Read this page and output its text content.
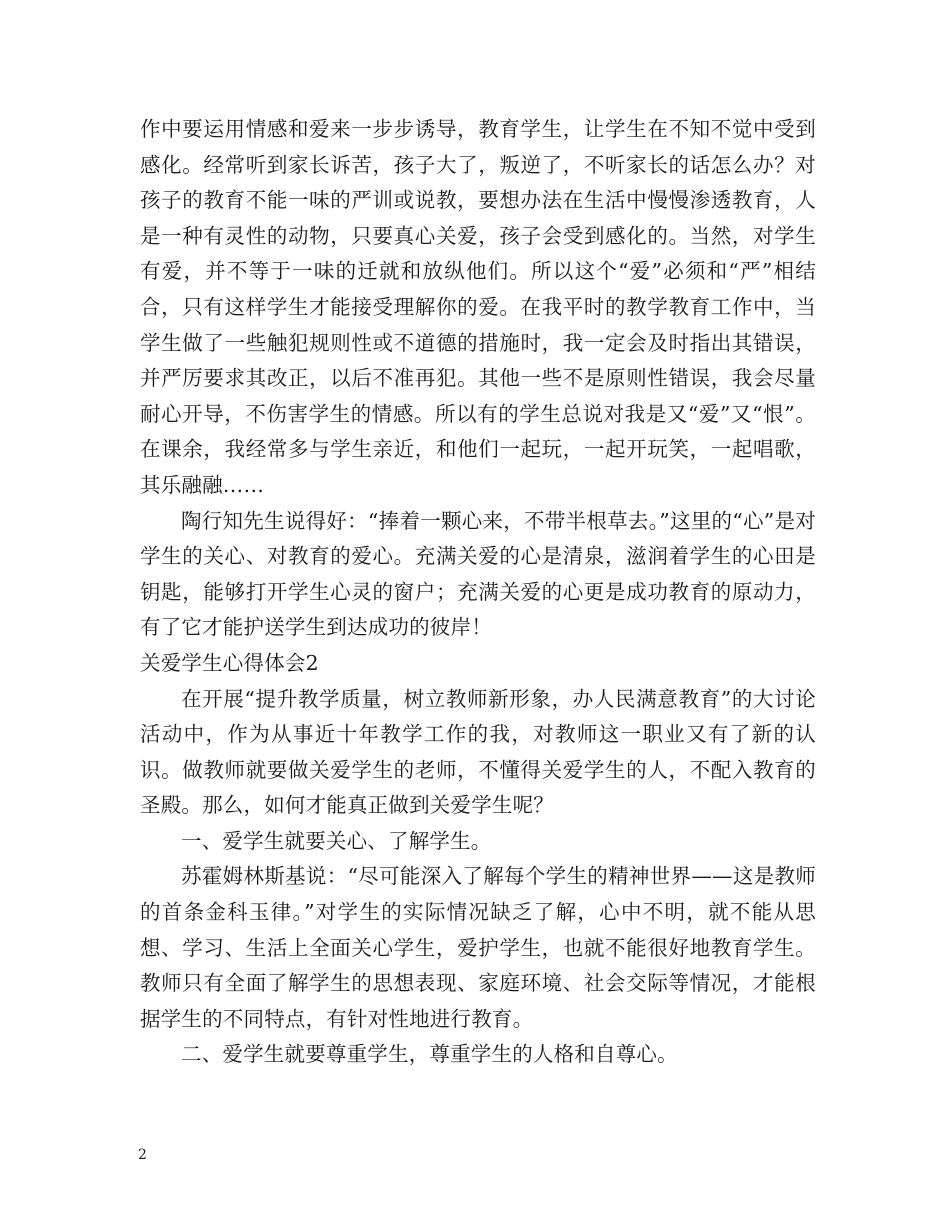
作中要运用情感和爱来一步步诱导，教育学生，让学生在不知不觉中受到感化。经常听到家长诉苦，孩子大了，叛逆了，不听家长的话怎么办？对孩子的教育不能一味的严训或说教，要想办法在生活中慢慢渗透教育，人是一种有灵性的动物，只要真心关爱，孩子会受到感化的。当然，对学生有爱，并不等于一味的迁就和放纵他们。所以这个“爱”必须和“严”相结合，只有这样学生才能接受理解你的爱。在我平时的教学教育工作中，当学生做了一些触犯规则性或不道德的措施时，我一定会及时指出其错误，并严厉要求其改正，以后不准再犯。其他一些不是原则性错误，我会尽量耐心开导，不伤害学生的情感。所以有的学生总说对我是又“爱”又“恨”。在课余，我经常多与学生亲近，和他们一起玩，一起开玩笑，一起唱歌，其乐融融……

陶行知先生说得好：“捧着一颗心来，不带半根草去。”这里的“心”是对学生的关心、对教育的爱心。充满关爱的心是清泉，滋润着学生的心田是钥匙，能够打开学生心灵的窗户；充满关爱的心更是成功教育的原动力，有了它才能护送学生到达成功的彼岸！

关爱学生心得体会2

在开展“提升教学质量，树立教师新形象，办人民满意教育”的大讨论活动中，作为从事近十年教学工作的我，对教师这一职业又有了新的认识。做教师就要做关爱学生的老师，不懂得关爱学生的人，不配入教育的圣殿。那么，如何才能真正做到关爱学生呢？

一、爱学生就要关心、了解学生。

苏霍姆林斯基说：“尽可能深入了解每个学生的精神世界——这是教师的首条金科玉律。”对学生的实际情况缺乏了解，心中不明，就不能从思想、学习、生活上全面关心学生，爱护学生，也就不能很好地教育学生。教师只有全面了解学生的思想表现、家庭环境、社会交际等情况，才能根据学生的不同特点，有针对性地进行教育。

二、爱学生就要尊重学生，尊重学生的人格和自尊心。

2
